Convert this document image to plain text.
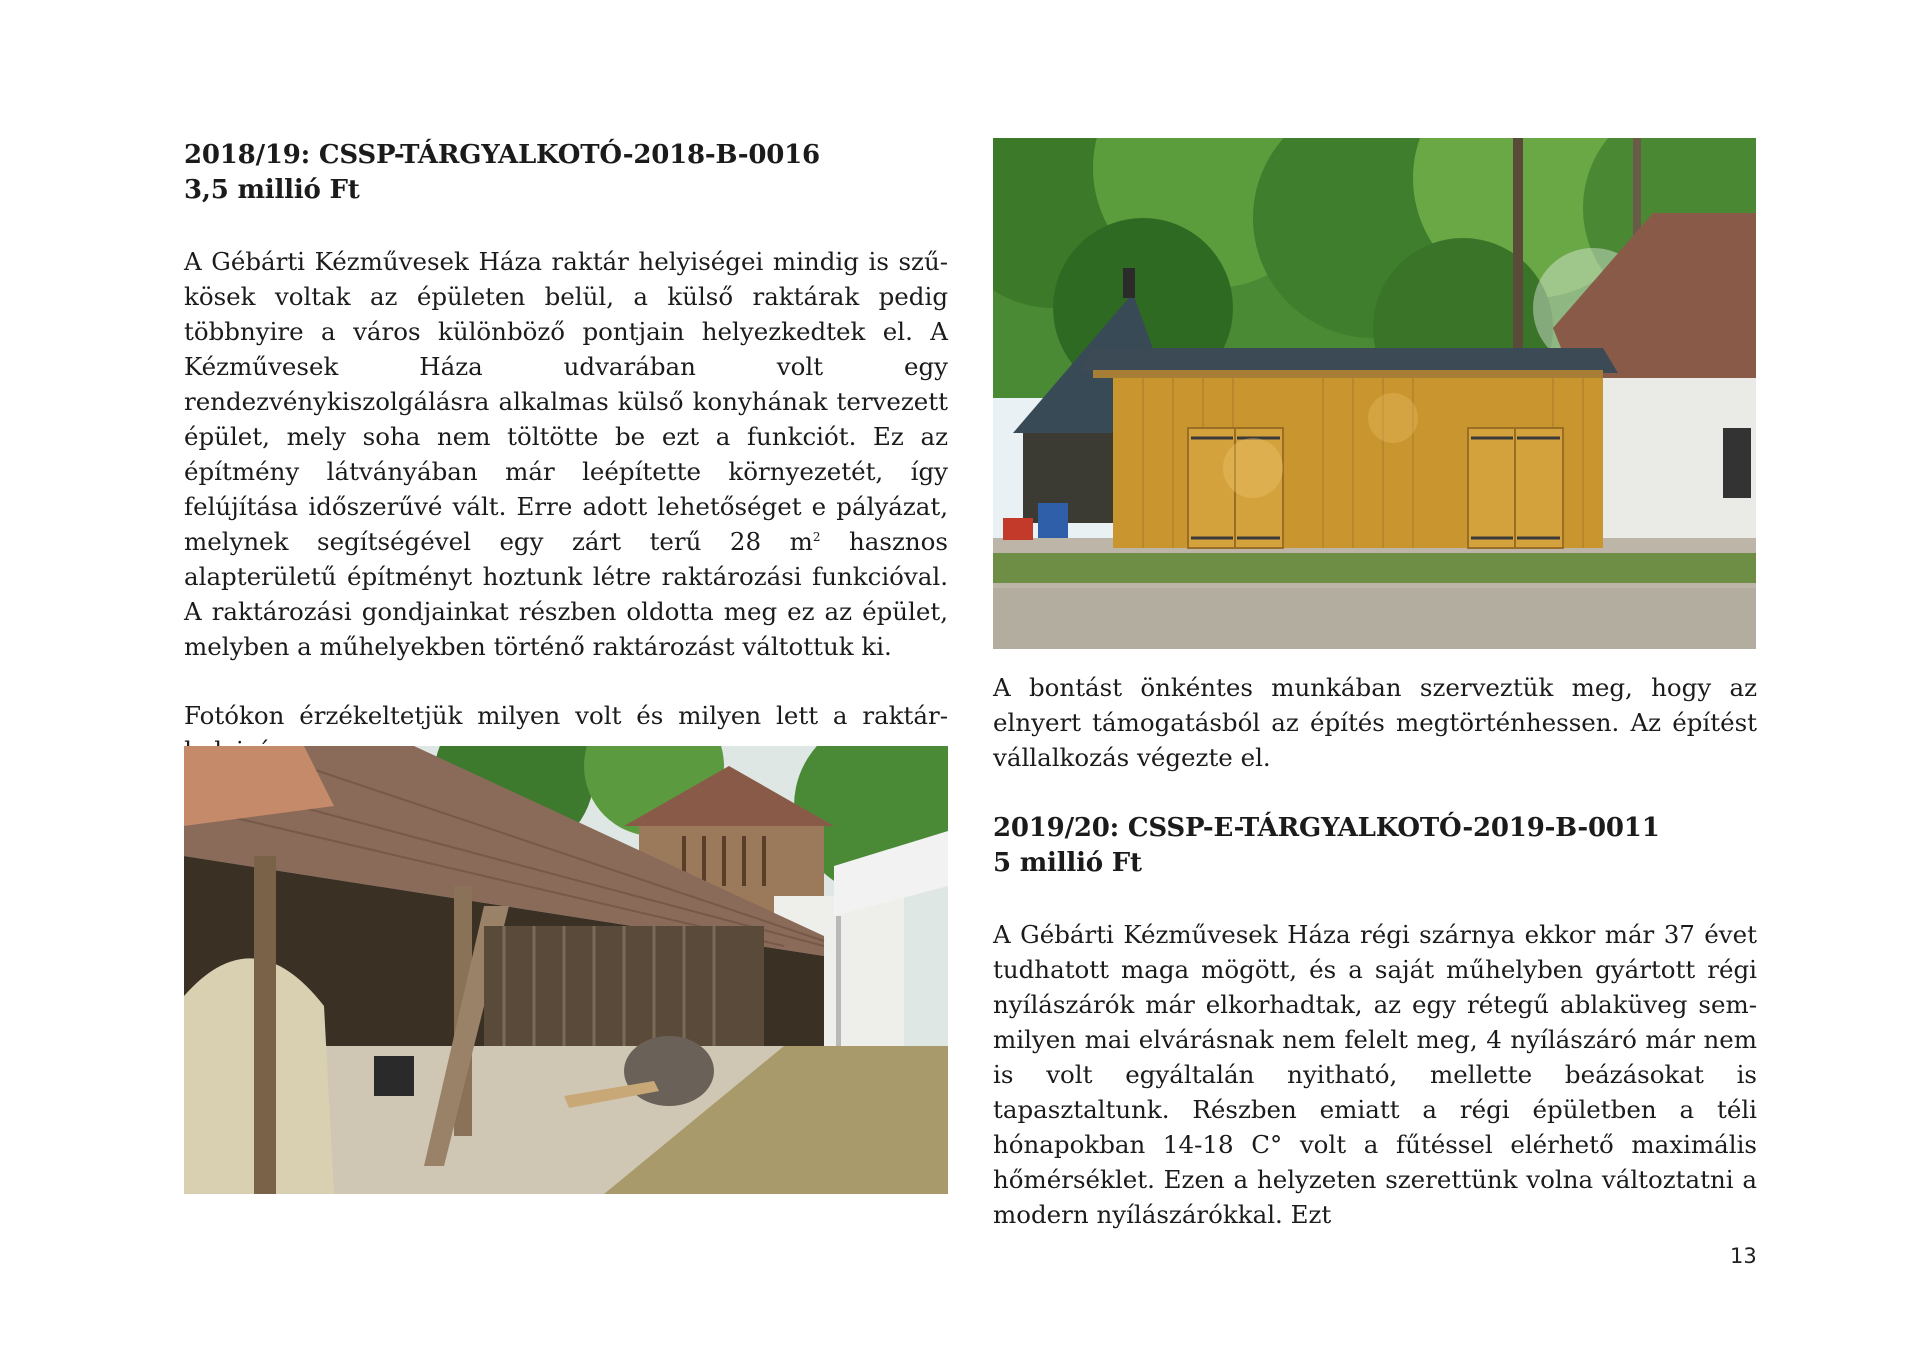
2018/19: CSSP-TÁRGYALKOTÓ-2018-B-0016

3,5 millió Ft

A Gébárti Kézművesek Háza raktár helyiségei mindig is szűkösek voltak az épületen belül, a külső raktárak pedig többnyire a város különböző pontjain helyezkedtek el. A Kézművesek Háza udvarában volt egy rendezvénykiszolgálásra alkalmas külső konyhának tervezett épület, mely soha nem töltötte be ezt a funkciót. Ez az építmény látványában már leépítette környezetét, így felújítása időszerűvé vált. Erre adott lehetőséget e pályázat, melynek segítségével egy zárt terű 28 $m^2$ hasznos alapterületű építményt hoztunk létre raktározási funkcióval. A raktározási gondjainkat részben oldotta meg ez az épület, melyben a műhelyekben történő raktározást váltottuk ki.

Fotókon érzékeltetjük milyen volt és milyen lett a raktár

A bontást önkéntes munkában szerveztük meg, hogy az elnyert támogatásból az építés megtörténhessen. Az építést vállalkozás végezte el.

2019/20: CSSP-E-TÁRGYALKOTÓ-2019-B-0011

5 millió Ft

A Gébárti Kézművesek Háza régi szárnya ekkor már 37 évet tudhatott maga mögött, és a saját műhelyben gyártott régi nyílászárók már elkorhadtak, az egy rétegű ablaküveg semmilyen mai elvárásnak nem felelt meg, 4 nyílászáró már nem is volt egyáltalán nyitható, mellette beázásokat is tapasztaltunk. Részben emiatt a régi épületben a téli hónapokban 14-18 C° volt a fűtéssel elérhető maximális hőmérséklet. Ezen a helyzeten szerettünk volna változtatni a modern nyílászárókkal. Ezt

13
